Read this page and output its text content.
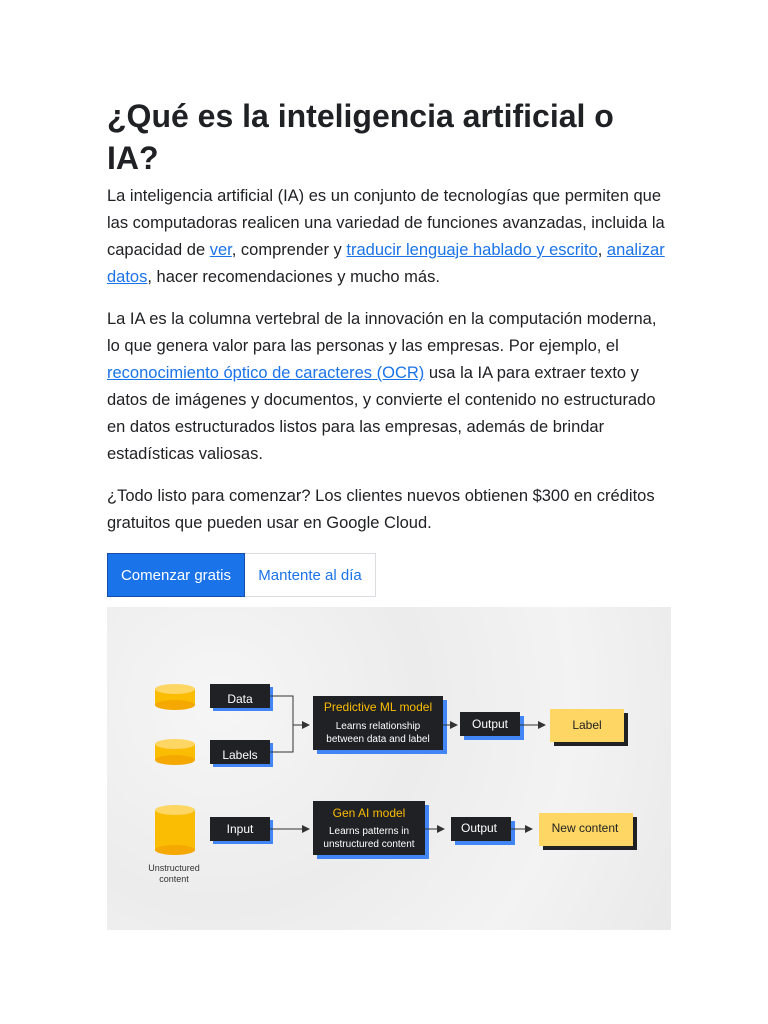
¿Qué es la inteligencia artificial o IA?

La inteligencia artificial (IA) es un conjunto de tecnologías que permiten que las computadoras realicen una variedad de funciones avanzadas, incluida la capacidad de ver, comprender y traducir lenguaje hablado y escrito, analizar datos, hacer recomendaciones y mucho más.

La IA es la columna vertebral de la innovación en la computación moderna, lo que genera valor para las personas y las empresas. Por ejemplo, el reconocimiento óptico de caracteres (OCR) usa la IA para extraer texto y datos de imágenes y documentos, y convierte el contenido no estructurado en datos estructurados listos para las empresas, además de brindar estadísticas valiosas.

¿Todo listo para comenzar? Los clientes nuevos obtienen $300 en créditos gratuitos que pueden usar en Google Cloud.

Comenzar gratis	Mantente al día
Data
Labels
Predictive ML model
Learns relationship
between data and label
Output	Label
Unstructured
content
Input
Gen AI model
Learns patterns in
unstructured content
Output	New content
